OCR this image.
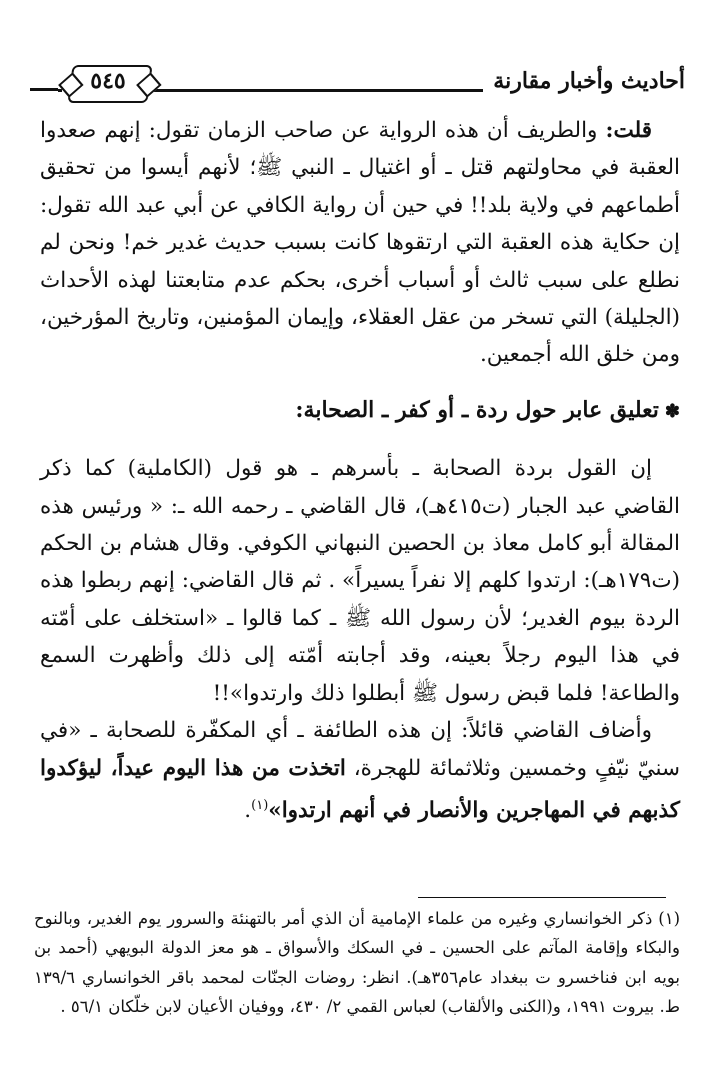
أحاديث وأخبار مقارنة
٥٤٥

قلت: والطريف أن هذه الرواية عن صاحب الزمان تقول: إنهم صعدوا العقبة في محاولتهم قتل ـ أو اغتيال ـ النبي ﷺ؛ لأنهم أيسوا من تحقيق أطماعهم في ولاية بلد!! في حين أن رواية الكافي عن أبي عبد الله تقول: إن حكاية هذه العقبة التي ارتقوها كانت بسبب حديث غدير خم! ونحن لم نطلع على سبب ثالث أو أسباب أخرى، بحكم عدم متابعتنا لهذه الأحداث (الجليلة) التي تسخر من عقل العقلاء، وإيمان المؤمنين، وتاريخ المؤرخين، ومن خلق الله أجمعين.

✽تعليق عابر حول ردة ـ أو كفر ـ الصحابة:

إن القول بردة الصحابة ـ بأسرهم ـ هو قول (الكاملية) كما ذكر القاضي عبد الجبار (ت٤١٥هـ)، قال القاضي ـ رحمه الله ـ: « ورئيس هذه المقالة أبو كامل معاذ بن الحصين النبهاني الكوفي. وقال هشام بن الحكم (ت١٧٩هـ): ارتدوا كلهم إلا نفراً يسيراً» . ثم قال القاضي: إنهم ربطوا هذه الردة بيوم الغدير؛ لأن رسول الله ﷺ ـ كما قالوا ـ «استخلف على أمّته في هذا اليوم رجلاً بعينه، وقد أجابته أمّته إلى ذلك وأظهرت السمع والطاعة! فلما قبض رسول ﷺ أبطلوا ذلك وارتدوا»!!

وأضاف القاضي قائلاً: إن هذه الطائفة ـ أي المكفّرة للصحابة ـ «في سنيّ نيّفٍ وخمسين وثلاثمائة للهجرة، اتخذت من هذا اليوم عيداً، ليؤكدوا كذبهم في المهاجرين والأنصار في أنهم ارتدوا»$^{(١)}$.

(١) ذكر الخوانساري وغيره من علماء الإمامية أن الذي أمر بالتهنئة والسرور يوم الغدير، وبالنوح والبكاء وإقامة المآتم على الحسين ـ في السكك والأسواق ـ هو معز الدولة البويهي (أحمد بن بويه ابن فناخسرو ت ببغداد عام٣٥٦هـ). انظر: روضات الجنّات لمحمد باقر الخوانساري ١٣٩/٦ ط. بيروت ١٩٩١، و(الكنى والألقاب) لعباس القمي ٢/ ٤٣٠، ووفيان الأعيان لابن خلّكان ٥٦/١ .
